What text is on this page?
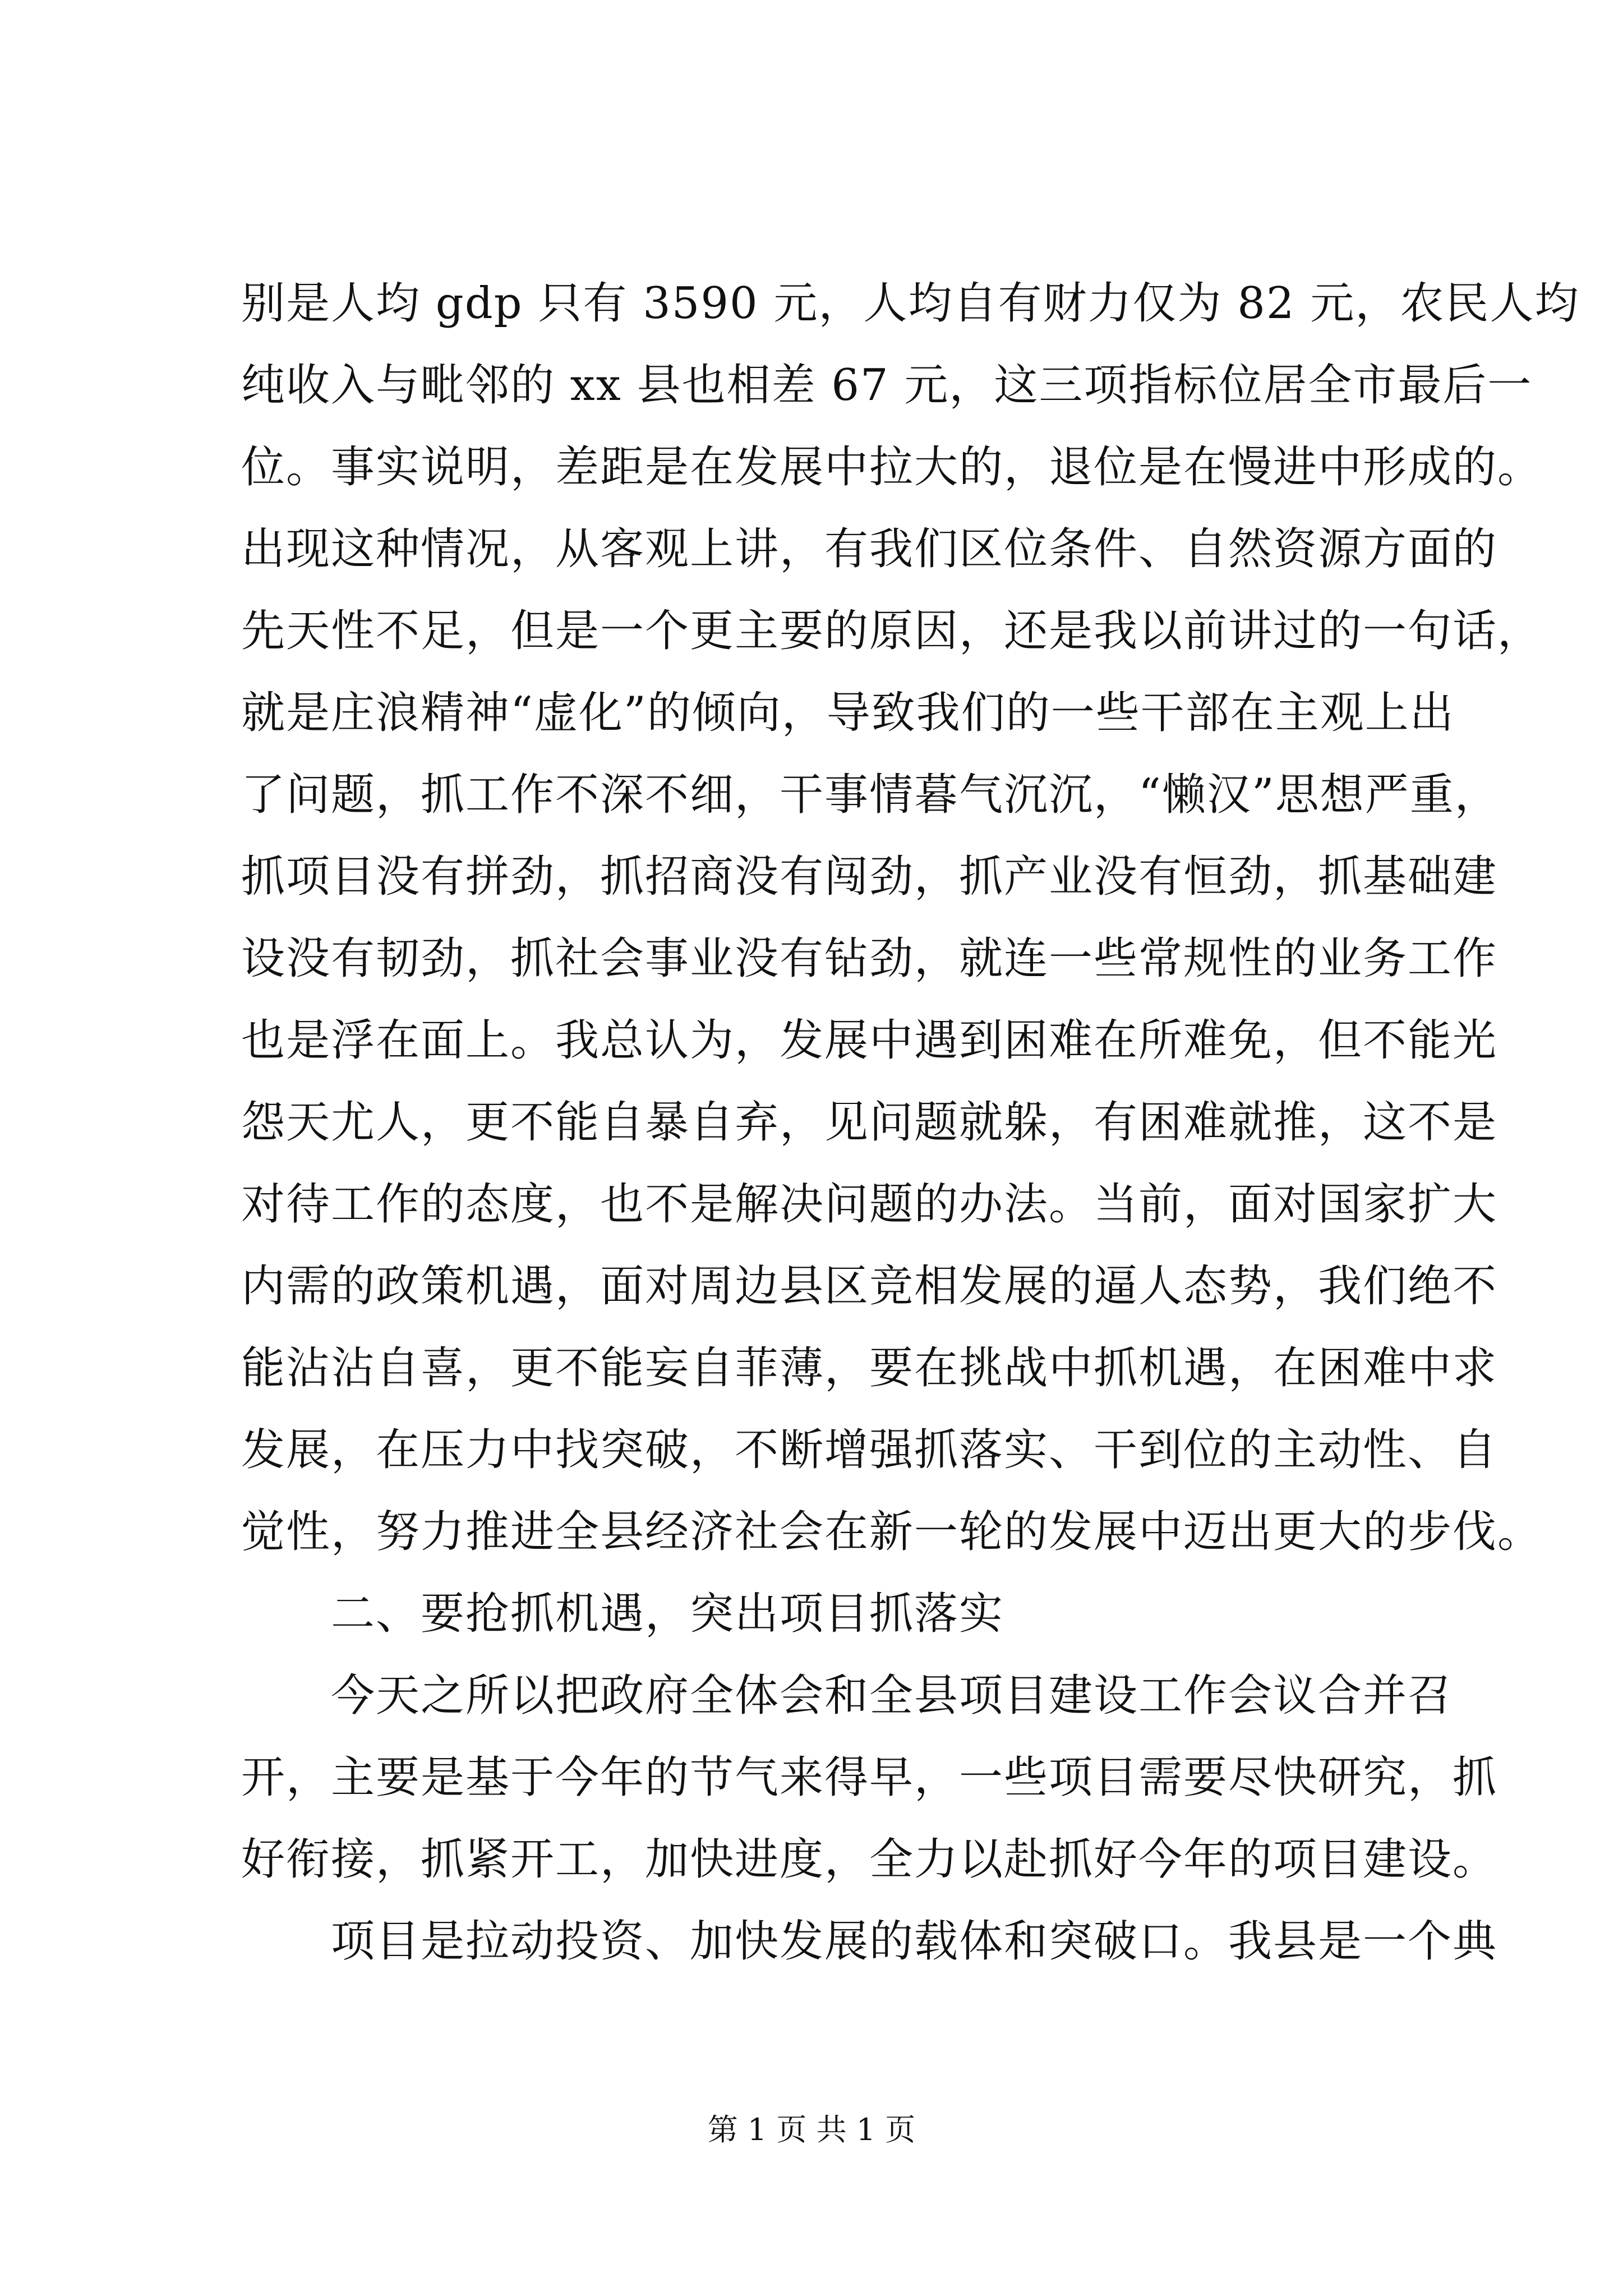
别是人均 gdp 只有 3590 元，人均自有财力仅为 82 元，农民人均
纯收入与毗邻的 xx 县也相差 67 元，这三项指标位居全市最后一
位。事实说明，差距是在发展中拉大的，退位是在慢进中形成的。
出现这种情况，从客观上讲，有我们区位条件、自然资源方面的
先天性不足，但是一个更主要的原因，还是我以前讲过的一句话，
就是庄浪精神“虚化”的倾向，导致我们的一些干部在主观上出
了问题，抓工作不深不细，干事情暮气沉沉，“懒汉”思想严重，
抓项目没有拼劲，抓招商没有闯劲，抓产业没有恒劲，抓基础建
设没有韧劲，抓社会事业没有钻劲，就连一些常规性的业务工作
也是浮在面上。我总认为，发展中遇到困难在所难免，但不能光
怨天尤人，更不能自暴自弃，见问题就躲，有困难就推，这不是
对待工作的态度，也不是解决问题的办法。当前，面对国家扩大
内需的政策机遇，面对周边县区竞相发展的逼人态势，我们绝不
能沾沾自喜，更不能妄自菲薄，要在挑战中抓机遇，在困难中求
发展，在压力中找突破，不断增强抓落实、干到位的主动性、自
觉性，努力推进全县经济社会在新一轮的发展中迈出更大的步伐。
二、要抢抓机遇，突出项目抓落实
今天之所以把政府全体会和全县项目建设工作会议合并召
开，主要是基于今年的节气来得早，一些项目需要尽快研究，抓
好衔接，抓紧开工，加快进度，全力以赴抓好今年的项目建设。
项目是拉动投资、加快发展的载体和突破口。我县是一个典
第 1 页 共 1 页
